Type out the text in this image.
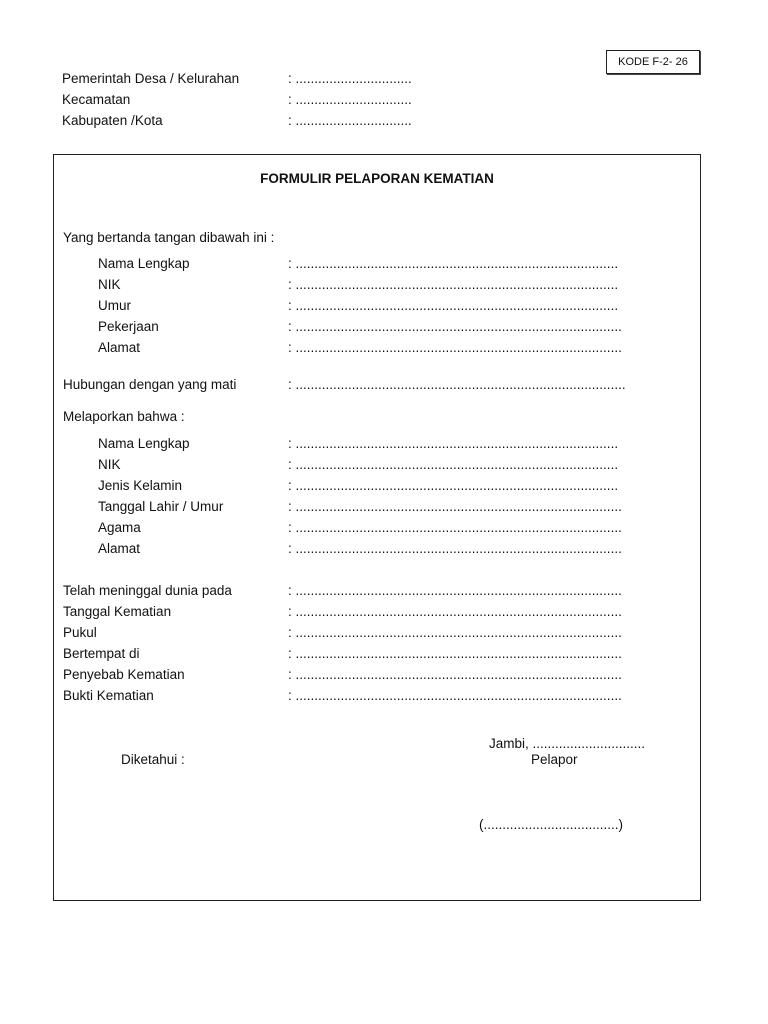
KODE F-2- 26
Pemerintah Desa / Kelurahan	: ...............................
Kecamatan	: ...............................
Kabupaten /Kota	: ...............................
FORMULIR PELAPORAN KEMATIAN
Yang bertanda tangan dibawah ini :
Nama Lengkap	: ......................................................................................
NIK	: ......................................................................................
Umur	: ......................................................................................
Pekerjaan	: .......................................................................................
Alamat	: .......................................................................................
Hubungan dengan yang mati	: ........................................................................................
Melaporkan bahwa :
Nama Lengkap	: ......................................................................................
NIK	: ......................................................................................
Jenis Kelamin	: ......................................................................................
Tanggal Lahir / Umur	: .......................................................................................
Agama	: .......................................................................................
Alamat	: .......................................................................................
Telah meninggal dunia pada	: .......................................................................................
Tanggal Kematian	: .......................................................................................
Pukul	: .......................................................................................
Bertempat di	: .......................................................................................
Penyebab Kematian	: .......................................................................................
Bukti Kematian	: .......................................................................................
Jambi, ..............................
Diketahui :	Pelapor
(....................................)
